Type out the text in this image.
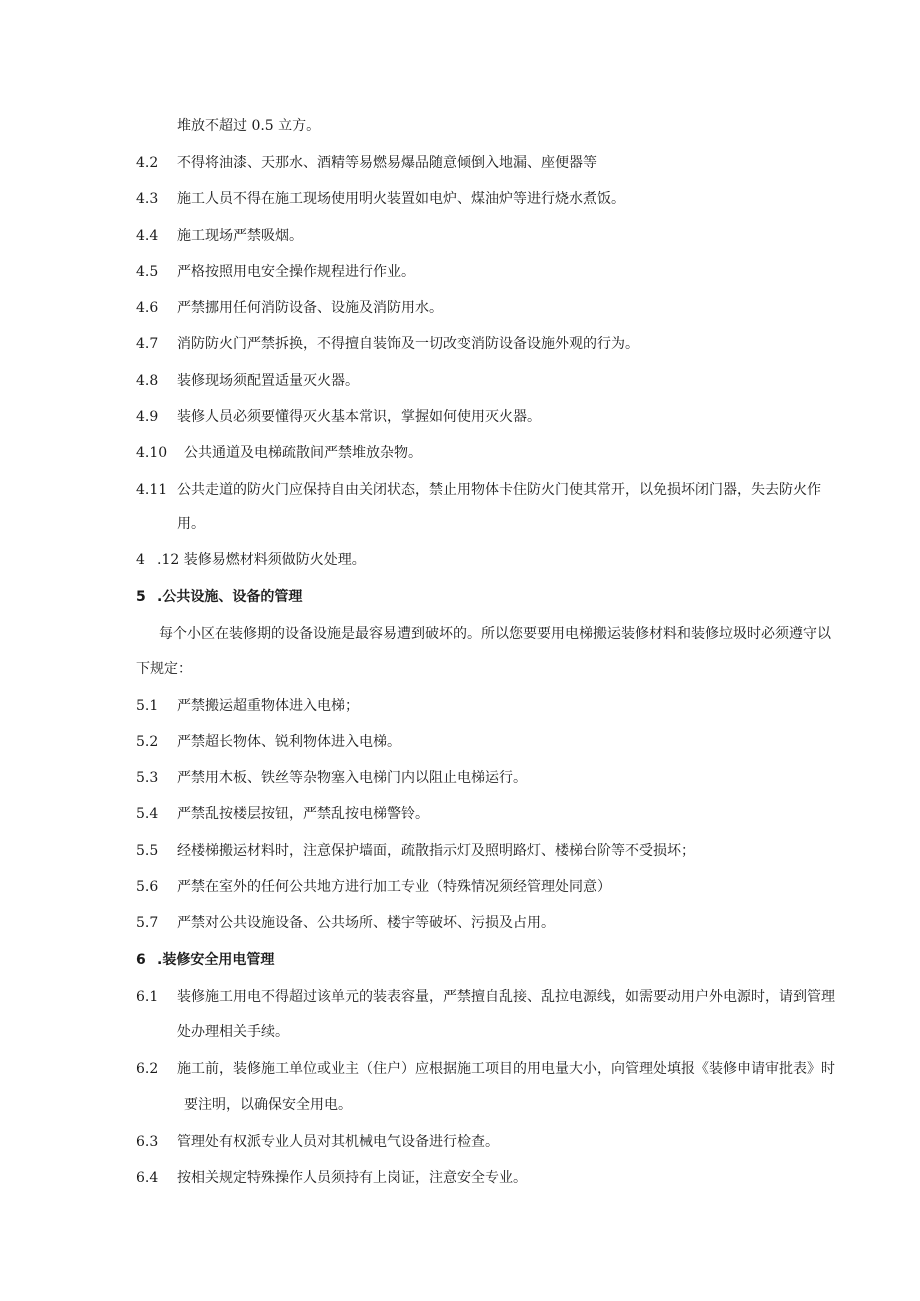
堆放不超过 0.5 立方。
4.2 不得将油漆、天那水、酒精等易燃易爆品随意倾倒入地漏、座便器等
4.3 施工人员不得在施工现场使用明火装置如电炉、煤油炉等进行烧水煮饭。
4.4 施工现场严禁吸烟。
4.5 严格按照用电安全操作规程进行作业。
4.6 严禁挪用任何消防设备、设施及消防用水。
4.7 消防防火门严禁拆换，不得擅自装饰及一切改变消防设备设施外观的行为。
4.8 装修现场须配置适量灭火器。
4.9 装修人员必须要懂得灭火基本常识，掌握如何使用灭火器。
4.10 公共通道及电梯疏散间严禁堆放杂物。
4.11 公共走道的防火门应保持自由关闭状态，禁止用物体卡住防火门使其常开，以免损坏闭门器，失去防火作
用。
4 .12 装修易燃材料须做防火处理。
5 .公共设施、设备的管理
每个小区在装修期的设备设施是最容易遭到破坏的。所以您要要用电梯搬运装修材料和装修垃圾时必须遵守以
下规定：
5.1 严禁搬运超重物体进入电梯；
5.2 严禁超长物体、锐利物体进入电梯。
5.3 严禁用木板、铁丝等杂物塞入电梯门内以阻止电梯运行。
5.4 严禁乱按楼层按钮，严禁乱按电梯警铃。
5.5 经楼梯搬运材料时，注意保护墙面，疏散指示灯及照明路灯、楼梯台阶等不受损坏；
5.6 严禁在室外的任何公共地方进行加工专业（特殊情况须经管理处同意）
5.7 严禁对公共设施设备、公共场所、楼宇等破坏、污损及占用。
6 .装修安全用电管理
6.1 装修施工用电不得超过该单元的装表容量，严禁擅自乱接、乱拉电源线，如需要动用户外电源时，请到管理
处办理相关手续。
6.2 施工前，装修施工单位或业主（住户）应根据施工项目的用电量大小，向管理处填报《装修申请审批表》时
要注明，以确保安全用电。
6.3 管理处有权派专业人员对其机械电气设备进行检查。
6.4 按相关规定特殊操作人员须持有上岗证，注意安全专业。
